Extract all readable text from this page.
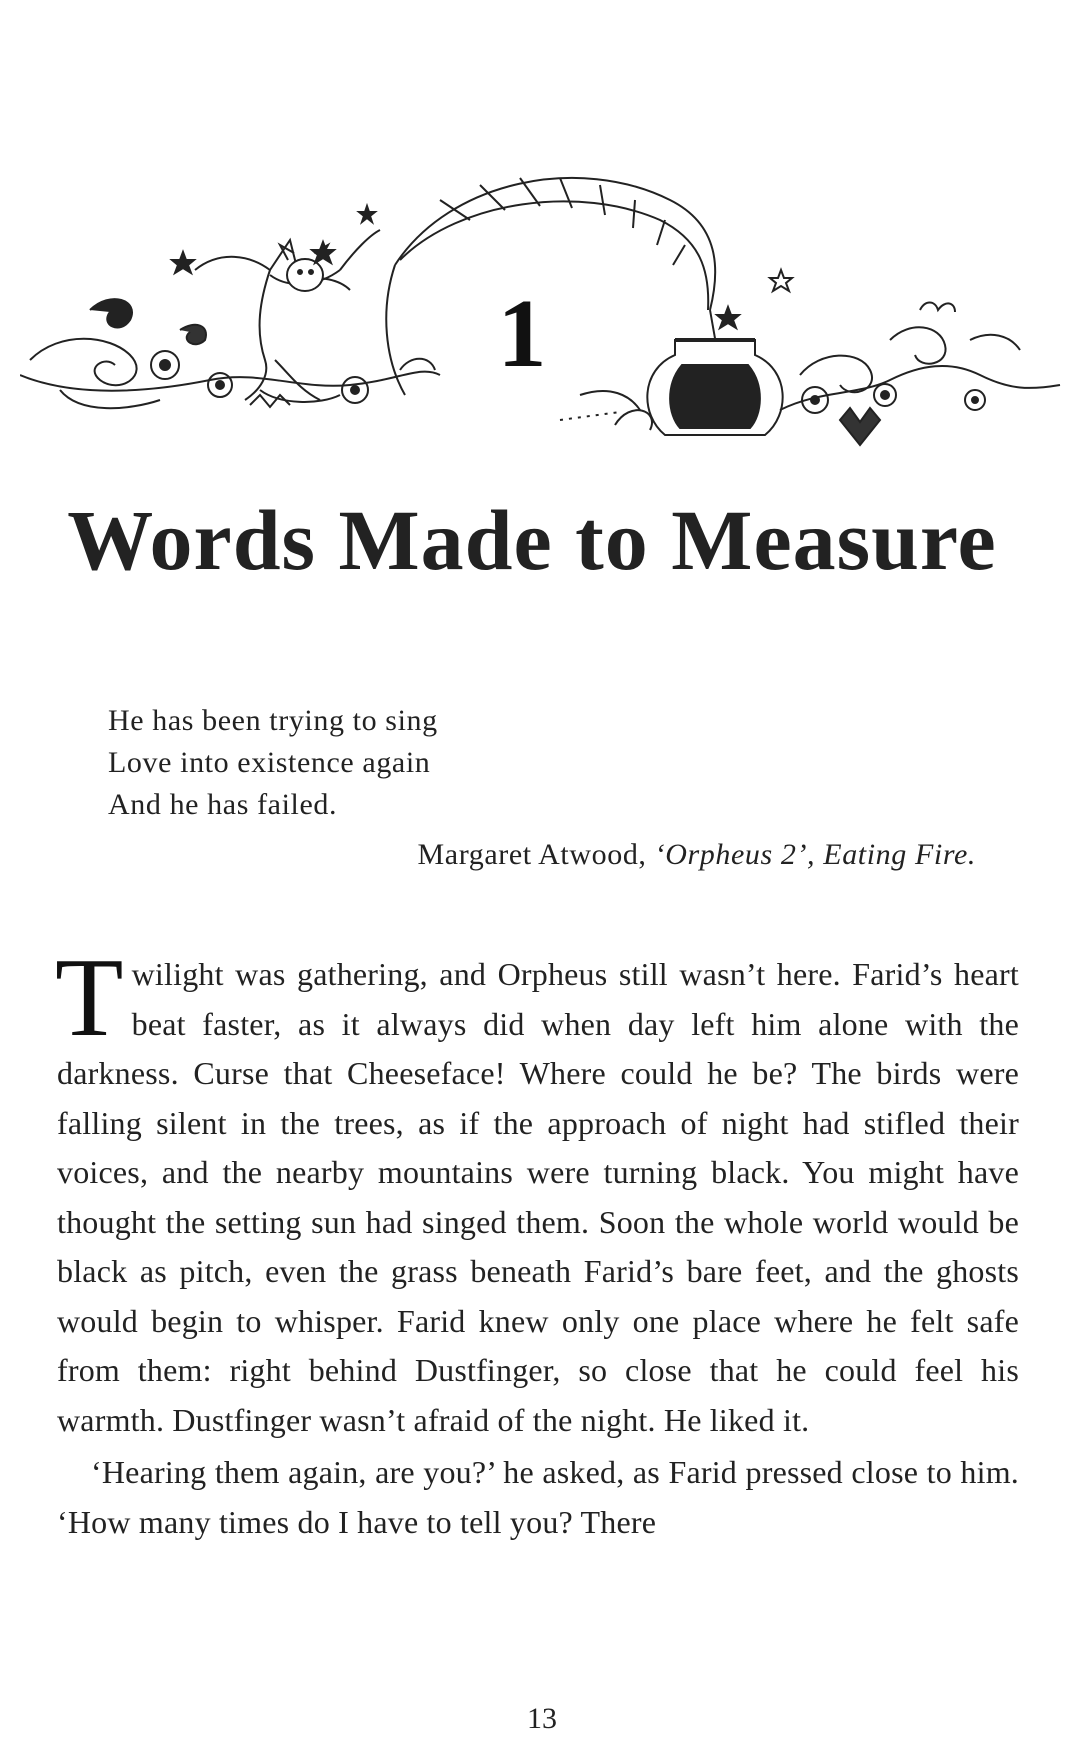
1
Words Made to Measure
He has been trying to sing
Love into existence again
And he has failed.
Margaret Atwood, ‘Orpheus 2’, Eating Fire.

Twilight was gathering, and Orpheus still wasn’t here. Farid’s heart beat faster, as it always did when day left him alone with the darkness. Curse that Cheeseface! Where could he be? The birds were falling silent in the trees, as if the approach of night had stifled their voices, and the nearby mountains were turning black. You might have thought the setting sun had singed them. Soon the whole world would be black as pitch, even the grass beneath Farid’s bare feet, and the ghosts would begin to whisper. Farid knew only one place where he felt safe from them: right behind Dustfinger, so close that he could feel his warmth. Dustfinger wasn’t afraid of the night. He liked it.

‘Hearing them again, are you?’ he asked, as Farid pressed close to him. ‘How many times do I have to tell you? There

13
